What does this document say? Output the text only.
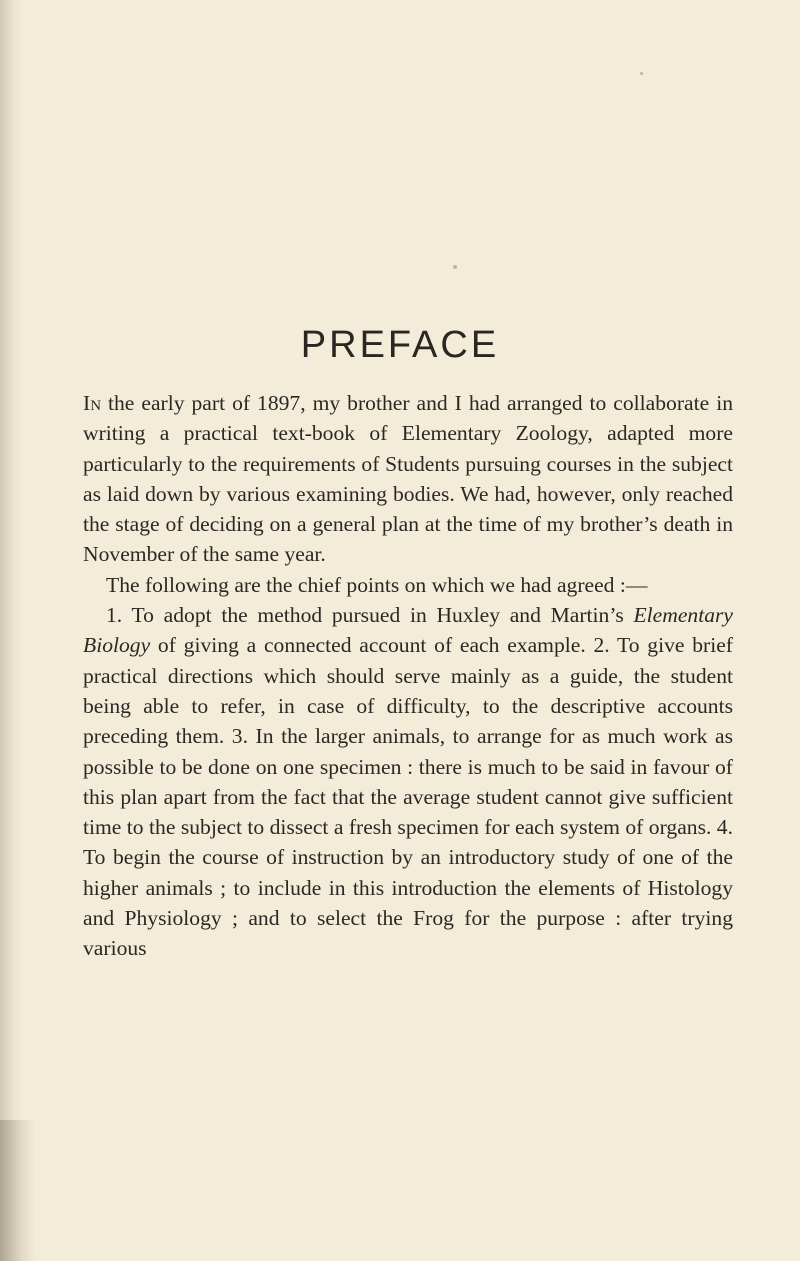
PREFACE

In the early part of 1897, my brother and I had arranged to collaborate in writing a practical text-book of Elementary Zoology, adapted more particularly to the requirements of Students pursuing courses in the subject as laid down by various examining bodies. We had, however, only reached the stage of deciding on a general plan at the time of my brother’s death in November of the same year.

The following are the chief points on which we had agreed :—

1. To adopt the method pursued in Huxley and Martin’s Elementary Biology of giving a connected account of each example. 2. To give brief practical directions which should serve mainly as a guide, the student being able to refer, in case of difficulty, to the descriptive accounts preceding them. 3. In the larger animals, to arrange for as much work as possible to be done on one specimen : there is much to be said in favour of this plan apart from the fact that the average student cannot give sufficient time to the subject to dissect a fresh specimen for each system of organs. 4. To begin the course of instruction by an introductory study of one of the higher animals ; to include in this introduction the elements of Histology and Physiology ; and to select the Frog for the purpose : after trying various
